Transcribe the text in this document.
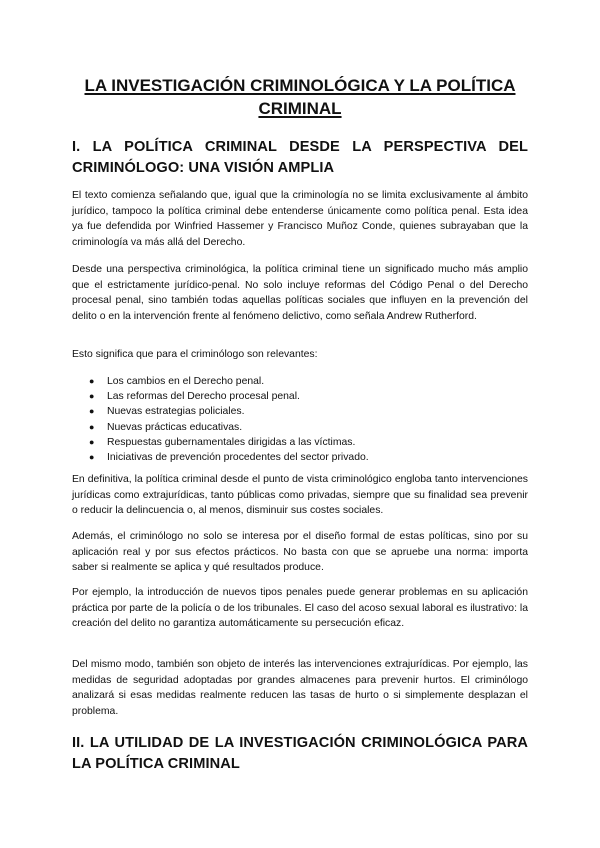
LA INVESTIGACIÓN CRIMINOLÓGICA Y LA POLÍTICA CRIMINAL
I. LA POLÍTICA CRIMINAL DESDE LA PERSPECTIVA DEL CRIMINÓLOGO: UNA VISIÓN AMPLIA

El texto comienza señalando que, igual que la criminología no se limita exclusivamente al ámbito jurídico, tampoco la política criminal debe entenderse únicamente como política penal. Esta idea ya fue defendida por Winfried Hassemer y Francisco Muñoz Conde, quienes subrayaban que la criminología va más allá del Derecho.

Desde una perspectiva criminológica, la política criminal tiene un significado mucho más amplio que el estrictamente jurídico-penal. No solo incluye reformas del Código Penal o del Derecho procesal penal, sino también todas aquellas políticas sociales que influyen en la prevención del delito o en la intervención frente al fenómeno delictivo, como señala Andrew Rutherford.

Esto significa que para el criminólogo son relevantes:

● Los cambios en el Derecho penal.
● Las reformas del Derecho procesal penal.
● Nuevas estrategias policiales.
● Nuevas prácticas educativas.
● Respuestas gubernamentales dirigidas a las víctimas.
● Iniciativas de prevención procedentes del sector privado.

En definitiva, la política criminal desde el punto de vista criminológico engloba tanto intervenciones jurídicas como extrajurídicas, tanto públicas como privadas, siempre que su finalidad sea prevenir o reducir la delincuencia o, al menos, disminuir sus costes sociales.

Además, el criminólogo no solo se interesa por el diseño formal de estas políticas, sino por su aplicación real y por sus efectos prácticos. No basta con que se apruebe una norma: importa saber si realmente se aplica y qué resultados produce.

Por ejemplo, la introducción de nuevos tipos penales puede generar problemas en su aplicación práctica por parte de la policía o de los tribunales. El caso del acoso sexual laboral es ilustrativo: la creación del delito no garantiza automáticamente su persecución eficaz.

Del mismo modo, también son objeto de interés las intervenciones extrajurídicas. Por ejemplo, las medidas de seguridad adoptadas por grandes almacenes para prevenir hurtos. El criminólogo analizará si esas medidas realmente reducen las tasas de hurto o si simplemente desplazan el problema.

II. LA UTILIDAD DE LA INVESTIGACIÓN CRIMINOLÓGICA PARA LA POLÍTICA CRIMINAL
